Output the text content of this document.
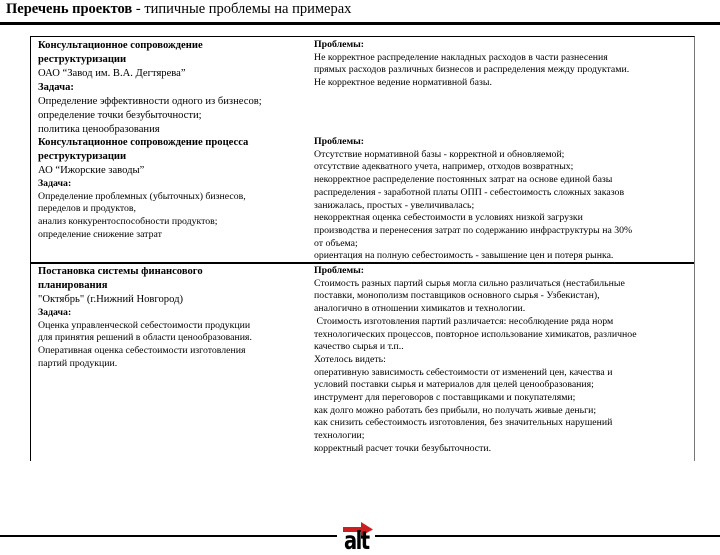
Перечень проектов - типичные проблемы на примерах
Консультационное сопровождение
реструктуризации
ОАО “Завод им. В.А. Дегтярева”
Задача:
Определение эффективности одного из бизнесов;
определение точки безубыточности;
политика ценообразования
Проблемы:
Не корректное распределение накладных расходов в части разнесения
прямых расходов различных бизнесов и распределения между продуктами.
Не корректное ведение нормативной базы.
Консультационное сопровождение процесса
реструктуризации
АО “Ижорские заводы”
Задача:
Определение проблемных (убыточных) бизнесов,
переделов и продуктов,
анализ конкурентоспособности продуктов;
определение снижение затрат
Проблемы:
Отсутствие нормативной базы - корректной и обновляемой;
отсутствие адекватного учета, например, отходов возвратных;
некорректное распределение постоянных затрат на основе единой базы
распределения - заработной платы ОПП - себестоимость сложных заказов
занижалась, простых - увеличивалась;
некорректная оценка себестоимости в условиях низкой загрузки
производства и перенесения затрат по содержанию инфраструктуры на 30%
от объема;
ориентация на полную себестоимость - завышение цен и потеря рынка.
Постановка системы финансового
планирования
"Октябрь" (г.Нижний Новгород)
Задача:
Оценка управленческой себестоимости продукции
для принятия решений в области ценообразования.
Оперативная оценка себестоимости изготовления
партий продукции.
Проблемы:
Стоимость разных партий сырья могла сильно различаться (нестабильные
поставки, монополизм поставщиков основного сырья - Узбекистан),
аналогично в отношении химикатов и технологии.
Стоимость изготовления партий различается: несоблюдение ряда норм
технологических процессов, повторное использование химикатов, различное
качество сырья и т.п..
Хотелось видеть:
оперативную зависимость себестоимости от изменений цен, качества и
условий поставки сырья и материалов для целей ценообразования;
инструмент для переговоров с поставщиками и покупателями;
как долго можно работать без прибыли, но получать живые деньги;
как снизить себестоимость изготовления, без значительных нарушений
технологии;
корректный расчет точки безубыточности.
alt
